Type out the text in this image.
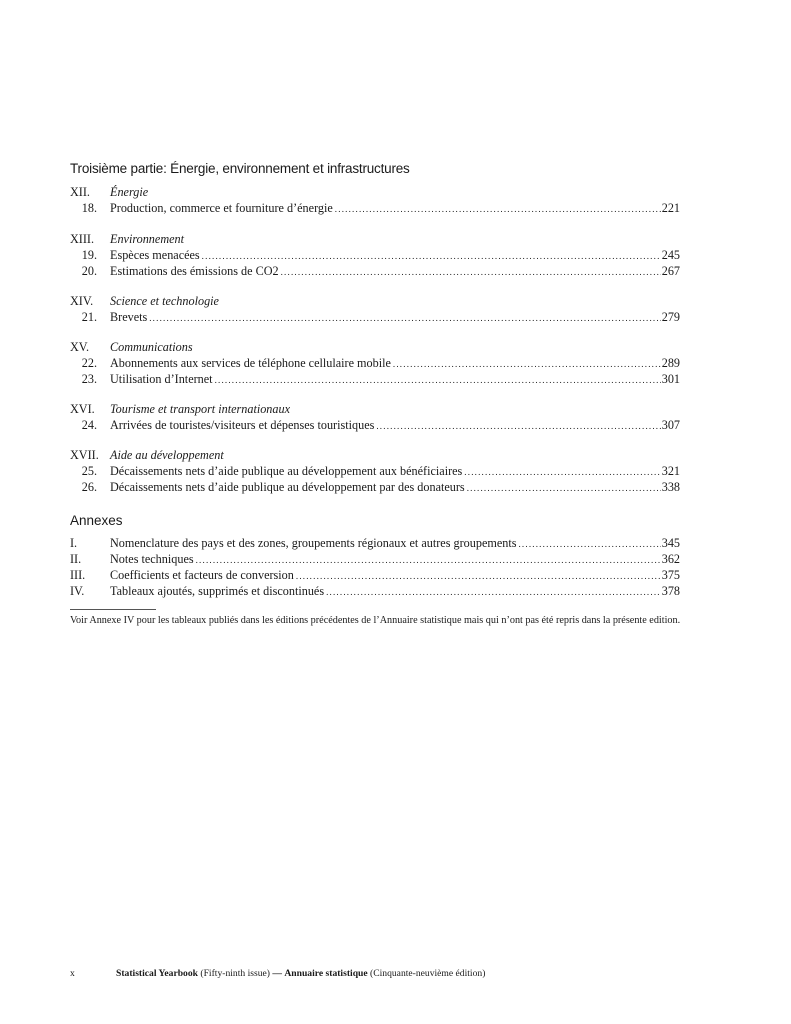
Troisième partie: Énergie, environnement et infrastructures
XII. Énergie
18. Production, commerce et fourniture d’énergie .....	221
XIII. Environnement
19. Espèces menacées .....	245
20. Estimations des émissions de CO2 .....	267
XIV. Science et technologie
21. Brevets .....	279
XV. Communications
22. Abonnements aux services de téléphone cellulaire mobile .....	289
23. Utilisation d’Internet .....	301
XVI. Tourisme et transport internationaux
24. Arrivées de touristes/visiteurs et dépenses touristiques .....	307
XVII. Aide au développement
25. Décaissements nets d’aide publique au développement aux bénéficiaires .....	321
26. Décaissements nets d’aide publique au développement par des donateurs .....	338
Annexes
I.	Nomenclature des pays et des zones, groupements régionaux et autres groupements .....	345
II.	Notes techniques .....	362
III.	Coefficients et facteurs de conversion .....	375
IV.	Tableaux ajoutés, supprimés et discontinués .....	378
Voir Annexe IV pour les tableaux publiés dans les éditions précédentes de l’Annuaire statistique mais qui n’ont pas été repris dans la présente edition.
x	Statistical Yearbook (Fifty-ninth issue) — Annuaire statistique (Cinquante-neuvième édition)
